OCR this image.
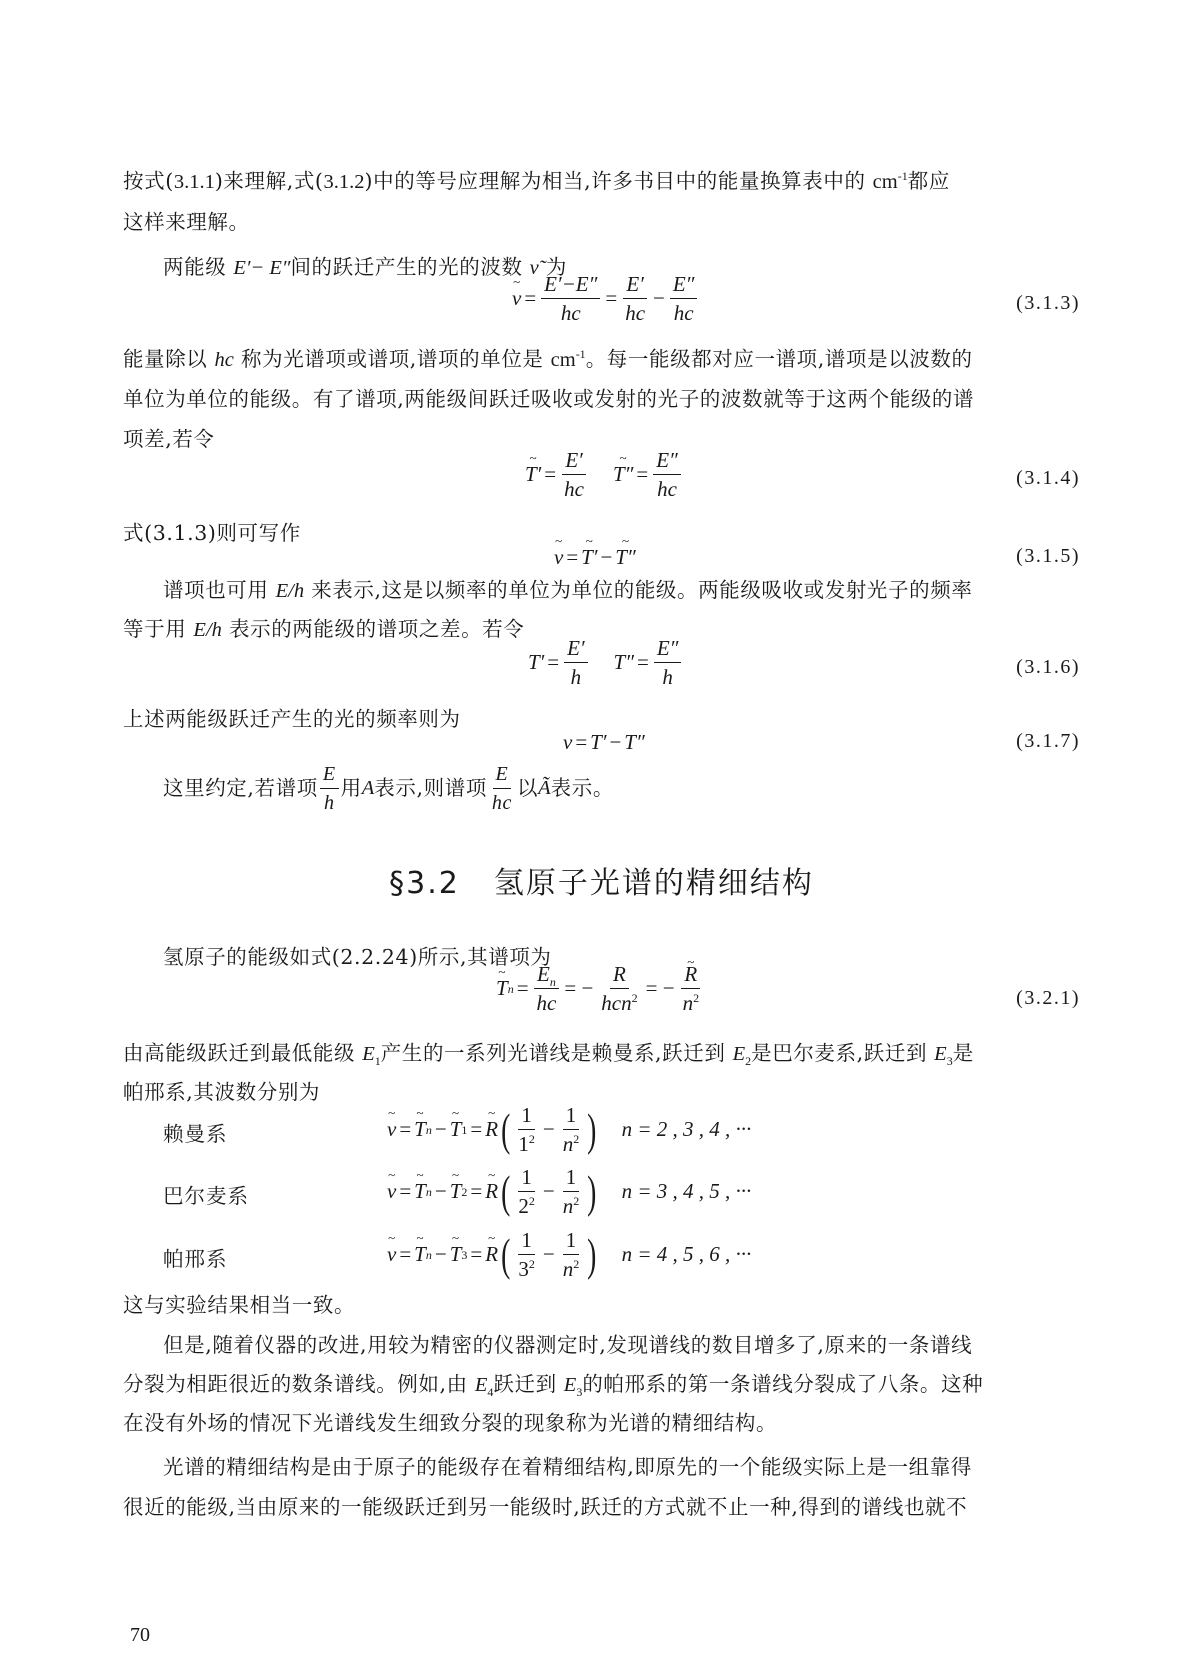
按式(3.1.1)来理解,式(3.1.2)中的等号应理解为相当,许多书目中的能量换算表中的 $cm^{-1}$都应
这样来理解。
两能级 E′− E″间的跃迁产生的光的波数 ν̃ 为
~ $\nu = \frac{E'-E''}{hc} = \frac{E'}{hc} - \frac{E''}{hc}$	(3.1.3)
能量除以 hc 称为光谱项或谱项,谱项的单位是 $cm^{-1}$。每一能级都对应一谱项,谱项是以波数的
单位为单位的能级。有了谱项,两能级间跃迁吸收或发射的光子的波数就等于这两个能级的谱
项差,若令
~ $T' = \frac{E'}{hc}$ ~ $T'' = \frac{E''}{hc}$	(3.1.4)
式(3.1.3)则可写作
~ ν = ~ T′ − ~ T″	(3.1.5)
谱项也可用 E/h 来表示,这是以频率的单位为单位的能级。两能级吸收或发射光子的频率
等于用 E/h 表示的两能级的谱项之差。若令
$T' = \frac{E'}{h} T'' = \frac{E''}{h}$	(3.1.6)
上述两能级跃迁产生的光的频率则为
ν = T′ − T″	(3.1.7)
这里约定,若谱项 $\frac{E}{h}$ 用 A 表示,则谱项 $\frac{E}{hc}$ 以 Ã 表示。
§3.2 氢原子光谱的精细结构
氢原子的能级如式(2.2.24)所示,其谱项为
~ T $n = \frac{E_n}{hc}$ = − $\frac{R}{hcn^2}$ = − ~ $\frac{R}{n^2}$	(3.2.1)
由高能级跃迁到最低能级 $E_1$产生的一系列光谱线是赖曼系,跃迁到 $E_2$是巴尔麦系,跃迁到 $E_3$是
帕邢系,其波数分别为
赖曼系	~ ν = ~ T n − ~ T 1 = ~ R ( $\frac{1}{1^2} - \frac{1}{n^2}$ ) n = 2 , 3 , 4 , ···
巴尔麦系	~ ν = ~ T n − ~ T 2 = ~ R ( $\frac{1}{2^2} - \frac{1}{n^2}$ ) n = 3 , 4 , 5 , ···
帕邢系	~ ν = ~ T n − ~ T 3 = ~ R ( $\frac{1}{3^2} - \frac{1}{n^2}$ ) n = 4 , 5 , 6 , ···
这与实验结果相当一致。
但是,随着仪器的改进,用较为精密的仪器测定时,发现谱线的数目增多了,原来的一条谱线
分裂为相距很近的数条谱线。例如,由 $E_4$跃迁到 $E_3$的帕邢系的第一条谱线分裂成了八条。这种
在没有外场的情况下光谱线发生细致分裂的现象称为光谱的精细结构。
光谱的精细结构是由于原子的能级存在着精细结构,即原先的一个能级实际上是一组靠得
很近的能级,当由原来的一能级跃迁到另一能级时,跃迁的方式就不止一种,得到的谱线也就不
70
